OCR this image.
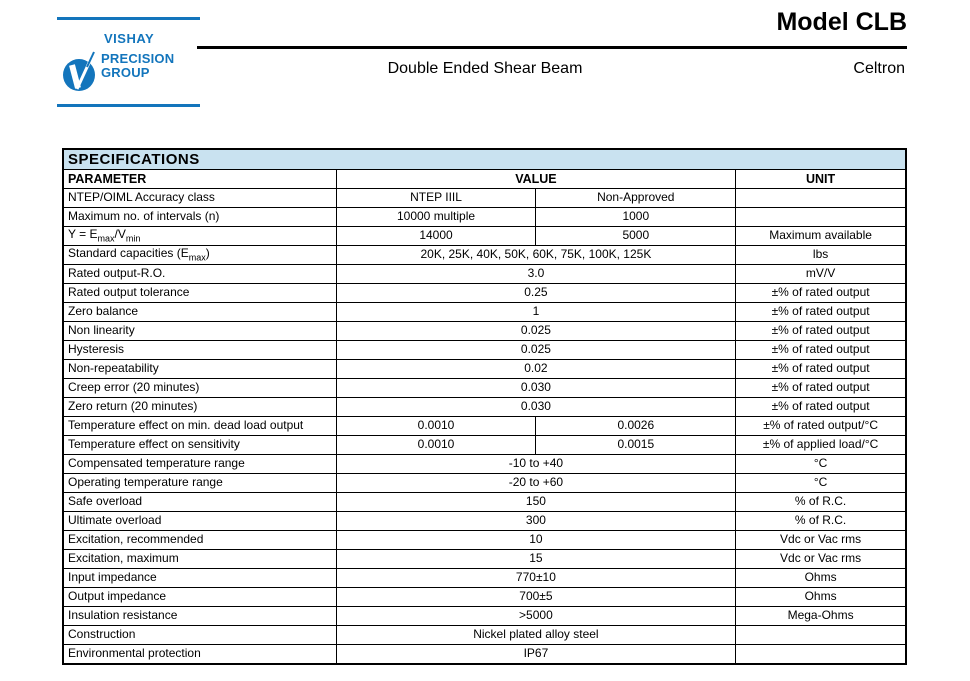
VISHAY
PRECISION
GROUP
Model CLB
Double Ended Shear Beam	Celtron
SPECIFICATIONS			
PARAMETER	VALUE		UNIT
NTEP/OIML Accuracy class	NTEP IIIL	Non-Approved	
Maximum no. of intervals (n)	10000 multiple	1000	
$Y = E_{max}/V_{min}$	14000	5000	Maximum available
Standard capacities $(E_{max})$	20K, 25K, 40K, 50K, 60K, 75K, 100K, 125K		lbs
Rated output-R.O.	3.0		mV/V
Rated output tolerance	0.25		±% of rated output
Zero balance	1		±% of rated output
Non linearity	0.025		±% of rated output
Hysteresis	0.025		±% of rated output
Non-repeatability	0.02		±% of rated output
Creep error (20 minutes)	0.030		±% of rated output
Zero return (20 minutes)	0.030		±% of rated output
Temperature effect on min. dead load output	0.0010	0.0026	±% of rated output/°C
Temperature effect on sensitivity	0.0010	0.0015	±% of applied load/°C
Compensated temperature range	-10 to +40		°C
Operating temperature range	-20 to +60		°C
Safe overload	150		% of R.C.
Ultimate overload	300		% of R.C.
Excitation, recommended	10		Vdc or Vac rms
Excitation, maximum	15		Vdc or Vac rms
Input impedance	770±10		Ohms
Output impedance	700±5		Ohms
Insulation resistance	>5000		Mega-Ohms
Construction	Nickel plated alloy steel		
Environmental protection	IP67		
